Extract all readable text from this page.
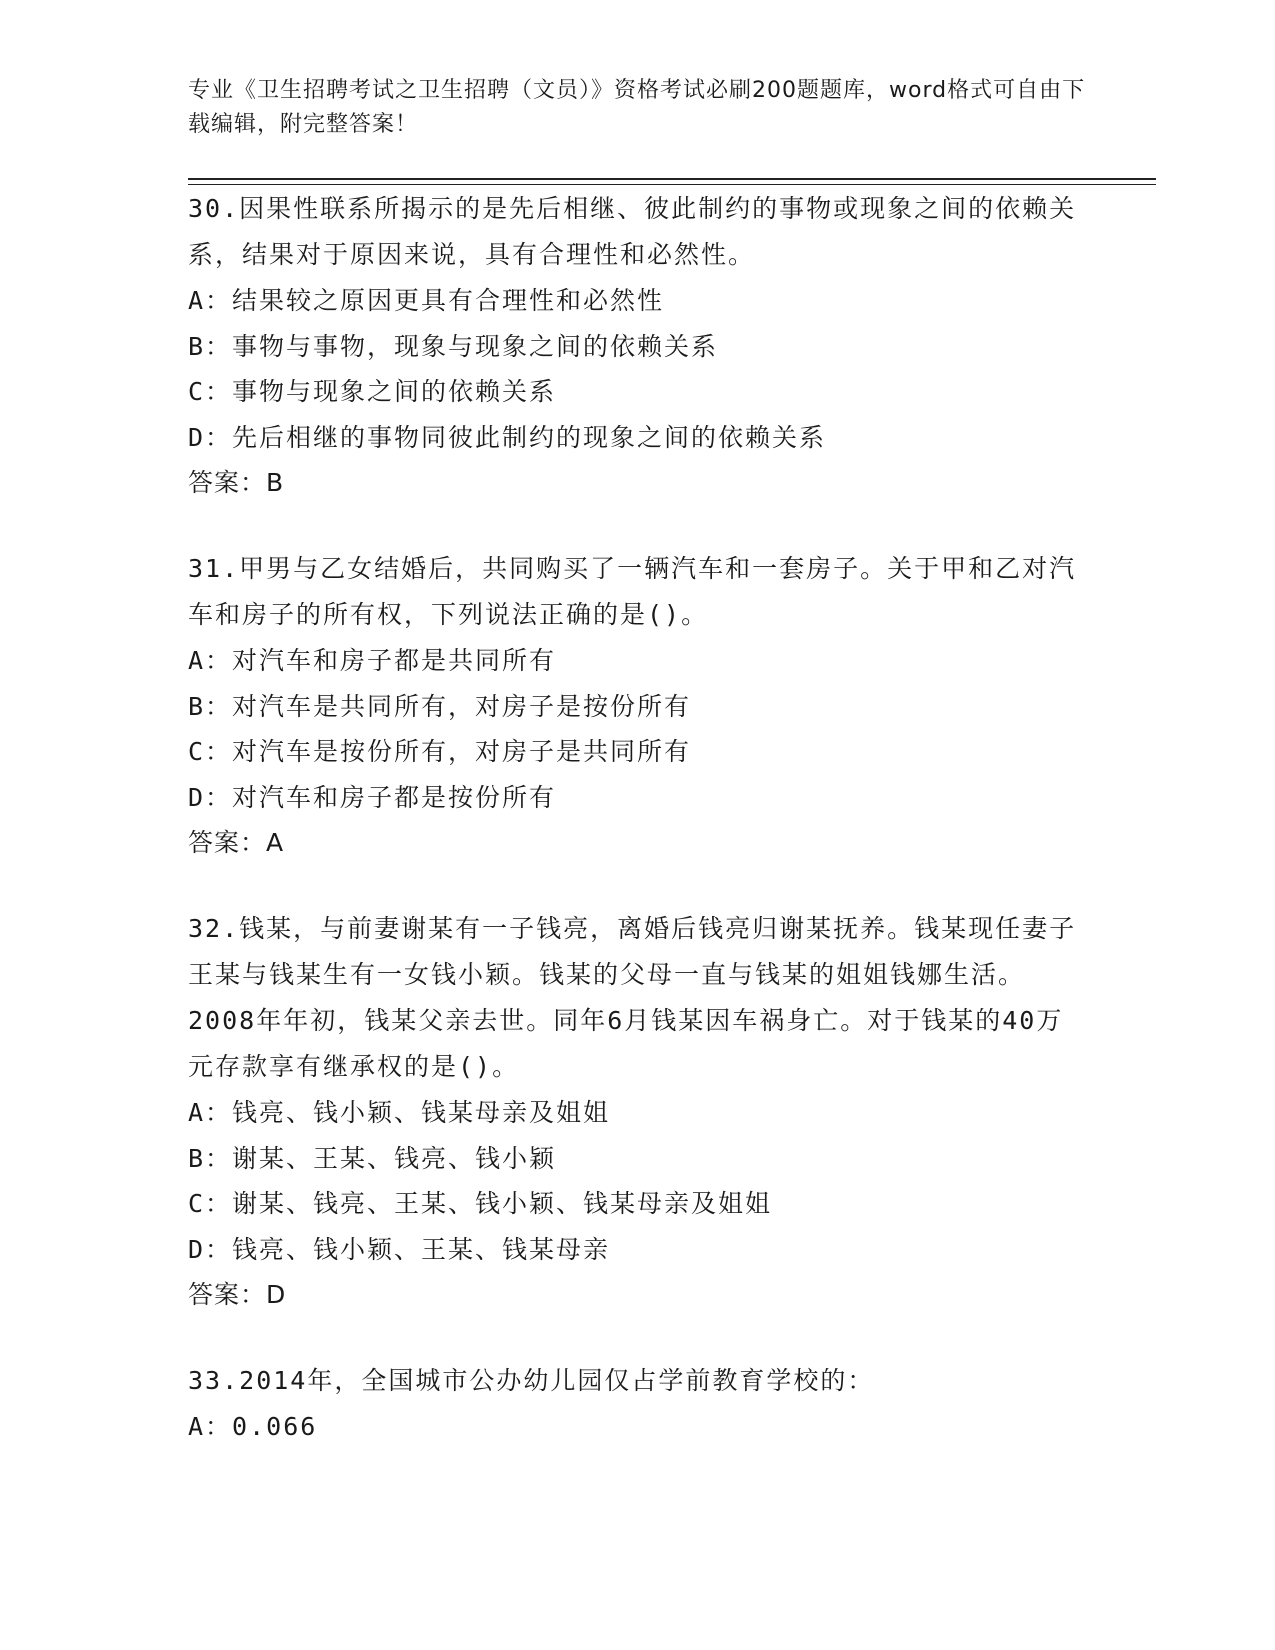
专业《卫生招聘考试之卫生招聘（文员）》资格考试必刷200题题库，word格式可自由下载编辑，附完整答案！

30.因果性联系所揭示的是先后相继、彼此制约的事物或现象之间的依赖关系，结果对于原因来说，具有合理性和必然性。

A：结果较之原因更具有合理性和必然性

B：事物与事物，现象与现象之间的依赖关系

C：事物与现象之间的依赖关系

D：先后相继的事物同彼此制约的现象之间的依赖关系

答案：B

31.甲男与乙女结婚后，共同购买了一辆汽车和一套房子。关于甲和乙对汽车和房子的所有权，下列说法正确的是()。

A：对汽车和房子都是共同所有

B：对汽车是共同所有，对房子是按份所有

C：对汽车是按份所有，对房子是共同所有

D：对汽车和房子都是按份所有

答案：A

32.钱某，与前妻谢某有一子钱亮，离婚后钱亮归谢某抚养。钱某现任妻子王某与钱某生有一女钱小颖。钱某的父母一直与钱某的姐姐钱娜生活。2008年年初，钱某父亲去世。同年6月钱某因车祸身亡。对于钱某的40万元存款享有继承权的是()。

A：钱亮、钱小颖、钱某母亲及姐姐

B：谢某、王某、钱亮、钱小颖

C：谢某、钱亮、王某、钱小颖、钱某母亲及姐姐

D：钱亮、钱小颖、王某、钱某母亲

答案：D

33.2014年，全国城市公办幼儿园仅占学前教育学校的：

A：0.066
